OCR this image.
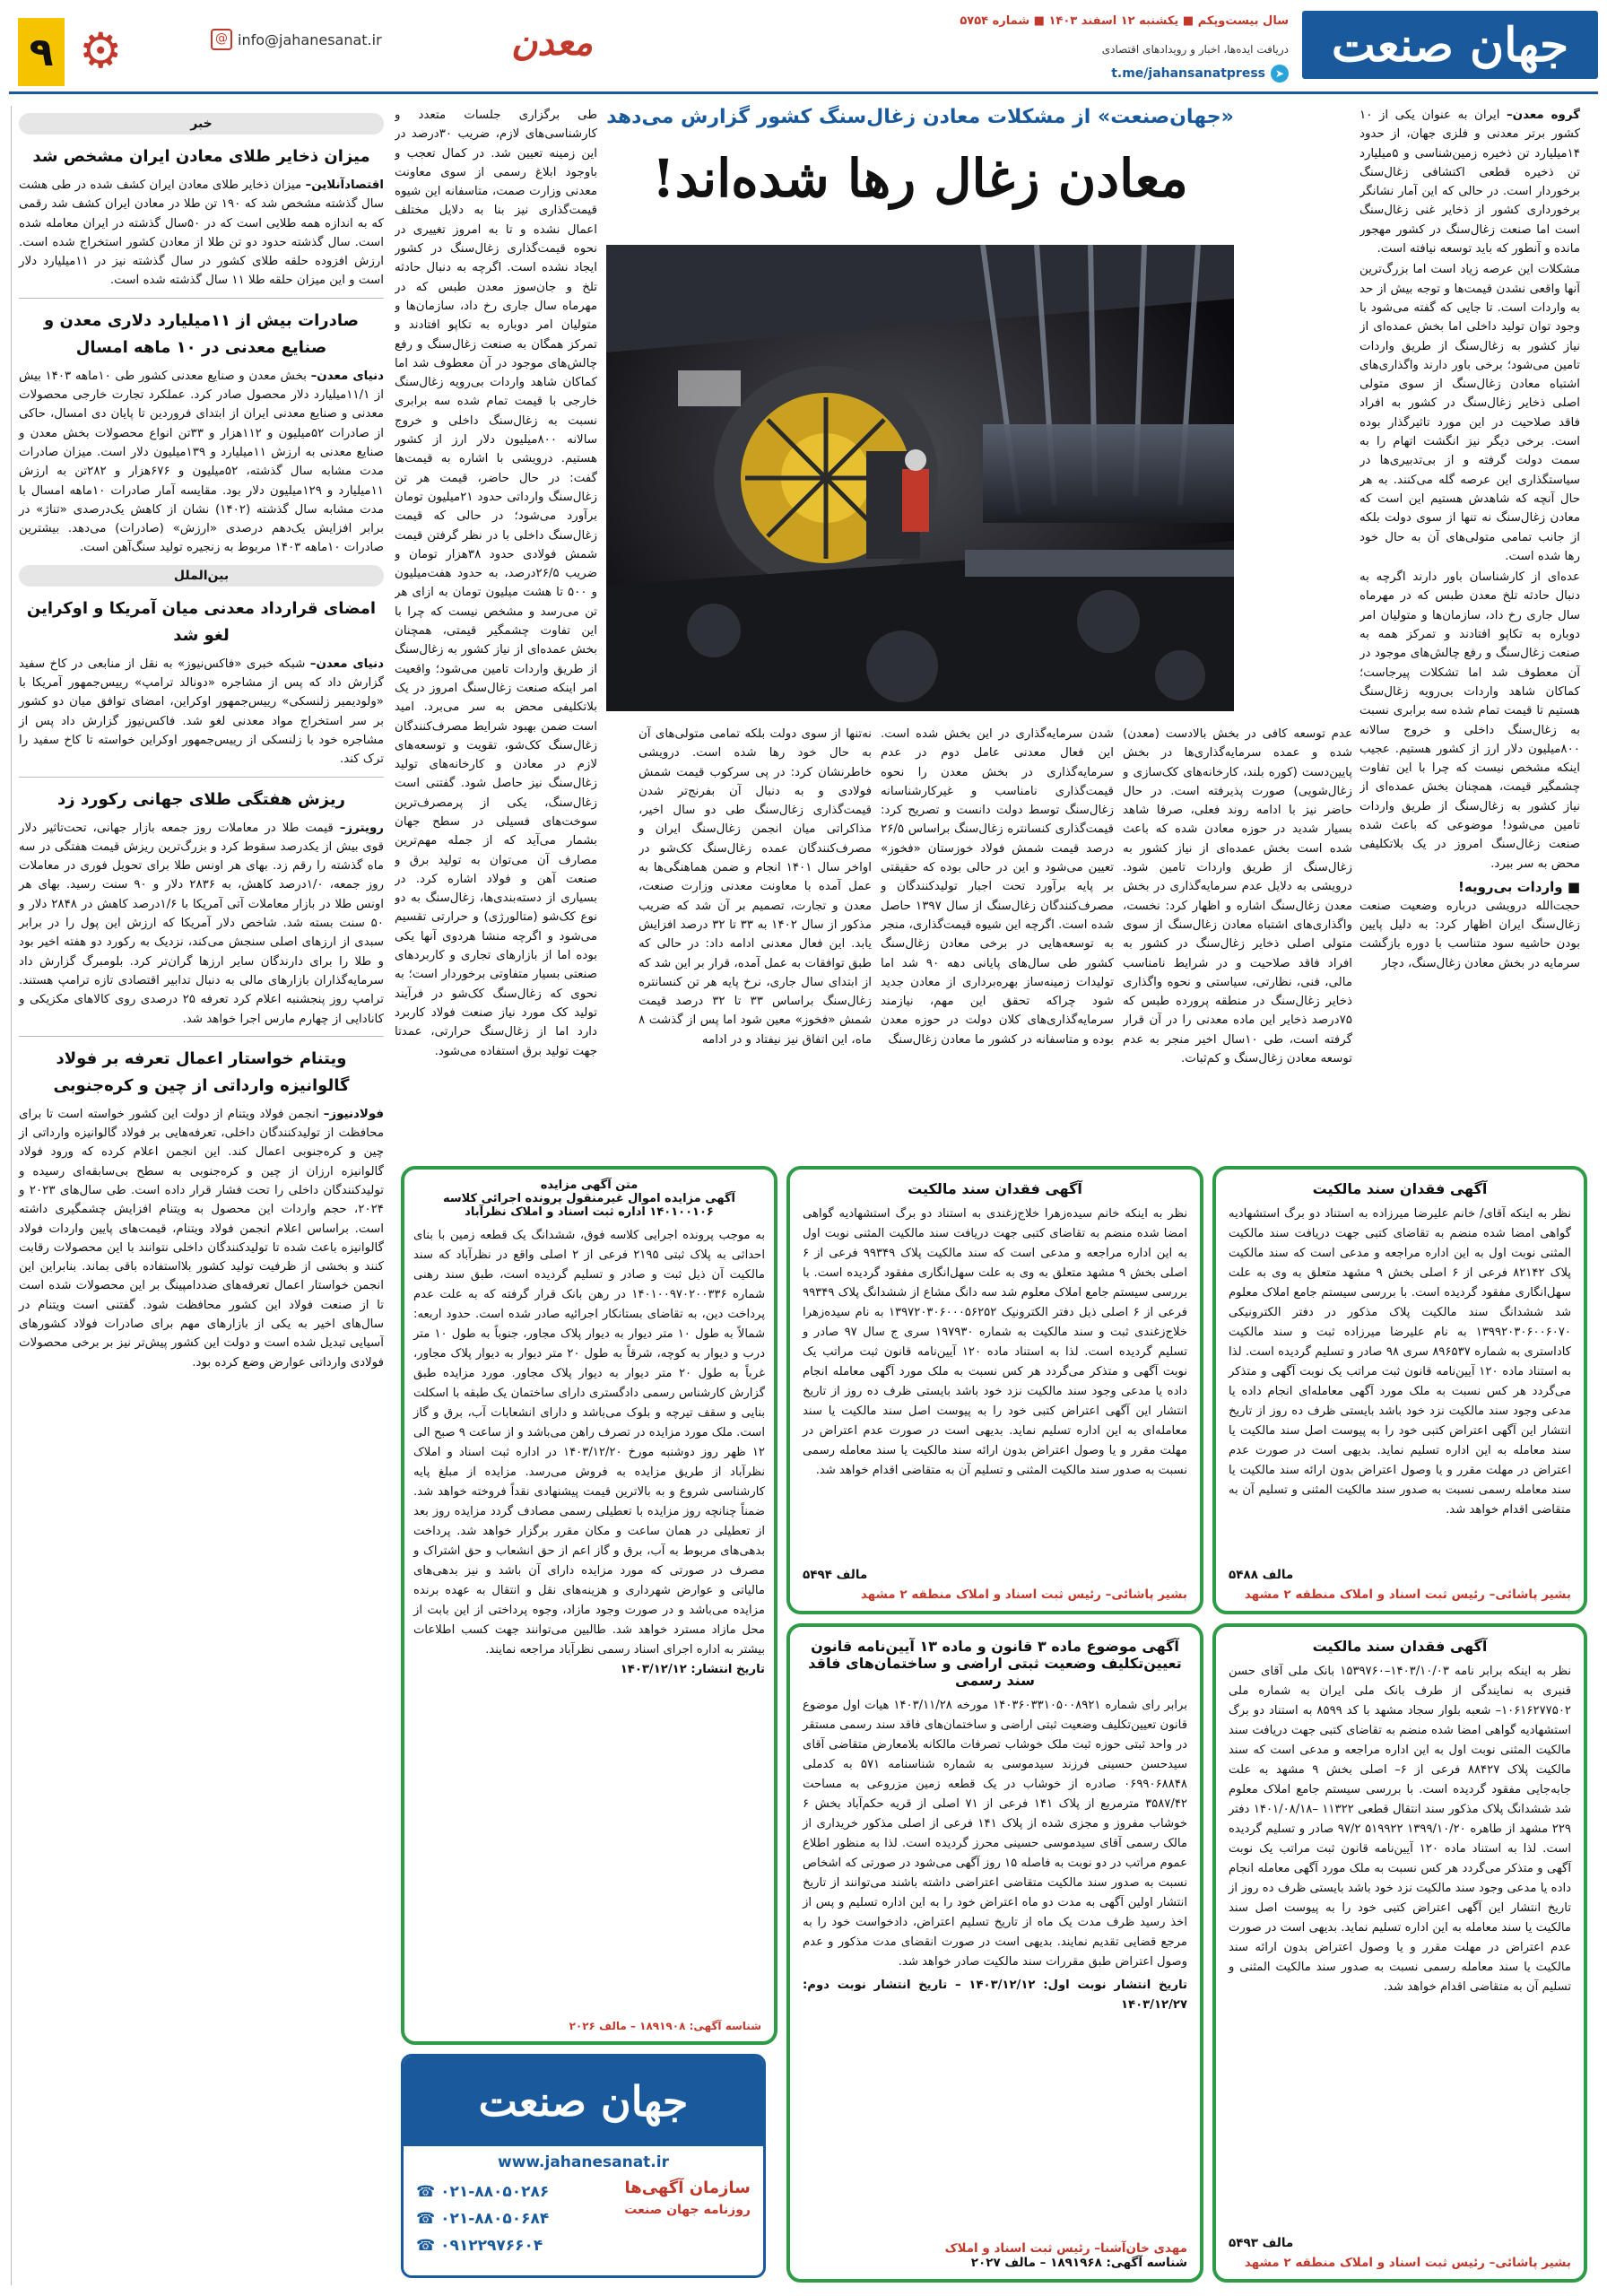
جهان صنعت
سال بیست‌وپکم ■ یکشنبه ۱۲ اسفند ۱۴۰۳ ■ شماره ۵۷۵۴
دریافت ایده‌ها، اخبار و رویدادهای اقتصادی
➤
t.me/jahansanatpress
معدن
info@jahanesanat.ir
@
⚙
۹
«جهان‌صنعت» از مشکلات معادن زغال‌سنگ کشور گزارش می‌دهد
معادن زغال رها شده‌اند!

گروه معدن– ایران به عنوان یکی از ۱۰ کشور برتر معدنی و فلزی جهان، از حدود ۱۴میلیارد تن ذخیره زمین‌شناسی و ۵میلیارد تن ذخیره قطعی اکتشافی زغال‌سنگ برخوردار است. در حالی که این آمار نشانگر برخورداری کشور از ذخایر غنی زغال‌سنگ است اما صنعت زغال‌سنگ در کشور مهجور مانده و آنطور که باید توسعه نیافته است.

مشکلات این عرصه زیاد است اما بزرگ‌ترین آنها واقعی نشدن قیمت‌ها و توجه بیش از حد به واردات است. تا جایی که گفته می‌شود با وجود توان تولید داخلی اما بخش عمده‌ای از نیاز کشور به زغال‌سنگ از طریق واردات تامین می‌شود؛ برخی باور دارند واگذاری‌های اشتباه معادن زغال‌سنگ از سوی متولی اصلی ذخایر زغال‌سنگ در کشور به افراد فاقد صلاحیت در این مورد تاثیرگذار بوده است. برخی دیگر نیز انگشت اتهام را به سمت دولت گرفته و از بی‌تدبیری‌ها در سیاستگذاری این عرصه گله می‌کنند. به هر حال آنچه که شاهدش هستیم این است که معادن زغال‌سنگ نه تنها از سوی دولت بلکه از جانب تمامی متولی‌های آن به حال خود رها شده است.

عده‌ای از کارشناسان باور دارند اگرچه به دنبال حادثه تلخ معدن طبس که در مهرماه سال جاری رخ داد، سازمان‌ها و متولیان امر دوباره به تکاپو افتادند و تمرکز همه به صنعت زغال‌سنگ و رفع چالش‌های موجود در آن معطوف شد اما تشکلات پیرجاست؛ کماکان شاهد واردات بی‌رویه زغال‌سنگ هستیم تا قیمت تمام شده سه برابری نسبت به زغال‌سنگ داخلی و خروج سالانه ۸۰۰میلیون دلار ارز از کشور هستیم. عجیب اینکه مشخص نیست که چرا با این تفاوت چشمگیر قیمت، همچنان بخش عمده‌ای از نیاز کشور به زغال‌سنگ از طریق واردات تامین می‌شود! موضوعی که باعث شده صنعت زغال‌سنگ امروز در یک بلاتکلیفی محض به سر ببرد.

■ واردات بی‌رویه!

حجت‌الله درویشی درباره وضعیت صنعت زغال‌سنگ ایران اظهار کرد: به دلیل پایین بودن حاشیه سود متناسب با دوره بازگشت سرمایه در بخش معادن زغال‌سنگ، دچار

عدم توسعه کافی در بخش بالادست (معدن) شده و عمده سرمایه‌گذاری‌ها در بخش پایین‌دست (کوره بلند، کارخانه‌های کک‌سازی و زغال‌شویی) صورت پذیرفته است. در حال حاضر نیز با ادامه روند فعلی، صرفا شاهد بسیار شدید در حوزه معادن شده که باعث شده است بخش عمده‌ای از نیاز کشور به زغال‌سنگ از طریق واردات تامین شود. درویشی به دلایل عدم سرمایه‌گذاری در بخش معدن زغال‌سنگ اشاره و اظهار کرد: نخست، واگذاری‌های اشتباه معادن زغال‌سنگ از سوی متولی اصلی ذخایر زغال‌سنگ در کشور به افراد فاقد صلاحیت و در شرایط نامناسب مالی، فنی، نظارتی، سیاستی و نحوه واگذاری ذخایر زغال‌سنگ در منطقه پرورده طبس که ۷۵درصد ذخایر این ماده معدنی را در آن قرار گرفته است، طی ۱۰سال اخیر منجر به عدم توسعه معادن زغال‌سنگ و کم‌ثبات.

شدن سرمایه‌گذاری در این بخش شده است. این فعال معدنی عامل دوم در عدم سرمایه‌گذاری در بخش معدن را نحوه قیمت‌گذاری نامناسب و غیرکارشناسانه زغال‌سنگ توسط دولت دانست و تصریح کرد: قیمت‌گذاری کنسانتره زغال‌سنگ براساس ۲۶/۵ درصد قیمت شمش فولاد خوزستان «فخوز» تعیین می‌شود و این در حالی بوده که حقیقتی بر پایه برآورد تحت اجبار تولیدکنندگان و مصرف‌کنندگان زغال‌سنگ از سال ۱۳۹۷ حاصل شده است. اگرچه این شیوه قیمت‌گذاری، منجر به توسعه‌هایی در برخی معادن زغال‌سنگ کشور طی سال‌های پایانی دهه ۹۰ شد اما تولیدات زمینه‌ساز بهره‌برداری از معادن جدید شود چراکه تحقق این مهم، نیازمند سرمایه‌گذاری‌های کلان دولت در حوزه معدن بوده و متاسفانه در کشور ما معادن زغال‌سنگ

نه‌تنها از سوی دولت بلکه تمامی متولی‌های آن به حال خود رها شده است. درویشی خاطرنشان کرد: در پی سرکوب قیمت شمش فولادی و به دنبال آن بفرنج‌تر شدن قیمت‌گذاری زغال‌سنگ طی دو سال اخیر، مذاکراتی میان انجمن زغال‌سنگ ایران و مصرف‌کنندگان عمده زغال‌سنگ کک‌شو در اواخر سال ۱۴۰۱ انجام و ضمن هماهنگی‌ها به عمل آمده با معاونت معدنی وزارت صنعت، معدن و تجارت، تصمیم بر آن شد که ضریب مذکور از سال ۱۴۰۲ به ۳۳ تا ۳۲ درصد افزایش یابد. این فعال معدنی ادامه داد: در حالی که طبق توافقات به عمل آمده، قرار بر این شد که از ابتدای سال جاری، نرخ پایه هر تن کنسانتره زغال‌سنگ براساس ۳۳ تا ۳۲ درصد قیمت شمش «فخوز» معین شود اما پس از گذشت ۸ ماه، این اتفاق نیز نیفتاد و در ادامه

طی برگزاری جلسات متعدد و کارشناسی‌های لازم، ضریب ۳۰درصد در این زمینه تعیین شد. در کمال تعجب و باوجود ابلاغ رسمی از سوی معاونت معدنی وزارت صمت، متاسفانه این شیوه قیمت‌گذاری نیز بنا به دلایل مختلف اعمال نشده و تا به امروز تغییری در نحوه قیمت‌گذاری زغال‌سنگ در کشور ایجاد نشده است. اگرچه به دنبال حادثه تلخ و جان‌سوز معدن طبس که در مهرماه سال جاری رخ داد، سازمان‌ها و متولیان امر دوباره به تکاپو افتادند و تمرکز همگان به صنعت زغال‌سنگ و رفع چالش‌های موجود در آن معطوف شد اما کماکان شاهد واردات بی‌رویه زغال‌سنگ خارجی با قیمت تمام شده سه برابری نسبت به زغال‌سنگ داخلی و خروج سالانه ۸۰۰میلیون دلار ارز از کشور هستیم. درویشی با اشاره به قیمت‌ها گفت: در حال حاضر، قیمت هر تن زغال‌سنگ وارداتی حدود ۲۱میلیون تومان برآورد می‌شود؛ در حالی که قیمت زغال‌سنگ داخلی با در نظر گرفتن قیمت شمش فولادی حدود ۳۸هزار تومان و ضریب ۲۶/۵درصد، به حدود هفت‌میلیون و ۵۰۰ تا هشت میلیون تومان به ازای هر تن می‌رسد و مشخص نیست که چرا با این تفاوت چشمگیر قیمتی، همچنان بخش عمده‌ای از نیاز کشور به زغال‌سنگ از طریق واردات تامین می‌شود؛ واقعیت امر اینکه صنعت زغال‌سنگ امروز در یک بلاتکلیفی محض به سر می‌برد. امید است ضمن بهبود شرایط مصرف‌کنندگان زغال‌سنگ کک‌شو، تقویت و توسعه‌های لازم در معادن و کارخانه‌های تولید زغال‌سنگ نیز حاصل شود. گفتنی است زغال‌سنگ، یکی از پرمصرف‌ترین سوخت‌های فسیلی در سطح جهان بشمار می‌آید که از جمله مهم‌ترین مصارف آن می‌توان به تولید برق و صنعت آهن و فولاد اشاره کرد. در بسیاری از دسته‌بندی‌ها، زغال‌سنگ به دو نوع کک‌شو (متالورژی) و حرارتی تقسیم می‌شود و اگرچه منشا هردوی آنها یکی بوده اما از بازارهای تجاری و کاربردهای صنعتی بسیار متفاوتی برخوردار است؛ به نحوی که زغال‌سنگ کک‌شو در فرآیند تولید کک مورد نیاز صنعت فولاد کاربرد دارد اما از زغال‌سنگ حرارتی، عمدتا جهت تولید برق استفاده می‌شود.

خبر
میزان ذخایر طلای معادن ایران مشخص شد

اقتصادآنلاین– میزان ذخایر طلای معادن ایران کشف شده در طی هشت سال گذشته مشخص شد که ۱۹۰ تن طلا در معادن ایران کشف شد رقمی که به اندازه همه طلایی است که در ۵۰سال گذشته در ایران معامله شده است. سال گذشته حدود دو تن طلا از معادن کشور استخراج شده است. ارزش افزوده حلقه طلای کشور در سال گذشته نیز در ۱۱میلیارد دلار است و این میزان حلقه طلا ۱۱ سال گذشته شده است.

صادرات بیش از ۱۱میلیارد دلاری معدن و صنایع معدنی در ۱۰ ماهه امسال

دنیای معدن– بخش معدن و صنایع معدنی کشور طی ۱۰ماهه ۱۴۰۳ بیش از ۱۱/۱میلیارد دلار محصول صادر کرد. عملکرد تجارت خارجی محصولات معدنی و صنایع معدنی ایران از ابتدای فروردین تا پایان دی امسال، حاکی از صادرات ۵۲میلیون و ۱۱۲هزار و ۳۳تن انواع محصولات بخش معدن و صنایع معدنی به ارزش ۱۱میلیارد و ۱۳۹میلیون دلار است. میزان صادرات مدت مشابه سال گذشته، ۵۲میلیون و ۶۷۶هزار و ۲۸۲تن به ارزش ۱۱میلیارد و ۱۲۹میلیون دلار بود. مقایسه آمار صادرات ۱۰ماهه امسال با مدت مشابه سال گذشته (۱۴۰۲) نشان از کاهش یک‌درصدی «تناژ» در برابر افزایش یک‌دهم درصدی «ارزش» (صادرات) می‌دهد. بیشترین صادرات ۱۰ماهه ۱۴۰۳ مربوط به زنجیره تولید سنگ‌آهن است.

بین‌الملل
امضای قرارداد معدنی میان آمریکا و اوکراین لغو شد

دنیای معدن– شبکه خبری «فاکس‌نیوز» به نقل از منابعی در کاخ سفید گزارش داد که پس از مشاجره «دونالد ترامپ» رییس‌جمهور آمریکا با «ولودیمیر زلنسکی» رییس‌جمهور اوکراین، امضای توافق میان دو کشور بر سر استخراج مواد معدنی لغو شد. فاکس‌نیوز گزارش داد پس از مشاجره خود با زلنسکی از رییس‌جمهور اوکراین خواسته تا کاخ سفید را ترک کند.

ریزش هفتگی طلای جهانی رکورد زد

رویترز– قیمت طلا در معاملات روز جمعه بازار جهانی، تحت‌تاثیر دلار قوی بیش از یکدرصد سقوط کرد و بزرگ‌ترین ریزش قیمت هفتگی در سه ماه گذشته را رقم زد. بهای هر اونس طلا برای تحویل فوری در معاملات روز جمعه، ۱/۰درصد کاهش، به ۲۸۳۶ دلار و ۹۰ سنت رسید. بهای هر اونس طلا در بازار معاملات آتی آمریکا با ۱/۶درصد کاهش در ۲۸۴۸ دلار و ۵۰ سنت بسته شد. شاخص دلار آمریکا که ارزش این پول را در برابر سبدی از ارزهای اصلی سنجش می‌کند، نزدیک به رکورد دو هفته اخیر بود و طلا را برای دارندگان سایر ارزها گران‌تر کرد. بلومبرگ گزارش داد سرمایه‌گذاران بازارهای مالی به دنبال تدابیر اقتصادی تازه ترامپ هستند. ترامپ روز پنجشنبه اعلام کرد تعرفه ۲۵ درصدی روی کالاهای مکزیکی و کانادایی از چهارم مارس اجرا خواهد شد.

ویتنام خواستار اعمال تعرفه بر فولاد گالوانیزه وارداتی از چین و کره‌جنوبی

فولادنیوز– انجمن فولاد ویتنام از دولت این کشور خواسته است تا برای محافظت از تولیدکنندگان داخلی، تعرفه‌هایی بر فولاد گالوانیزه وارداتی از چین و کره‌جنوبی اعمال کند. این انجمن اعلام کرده که ورود فولاد گالوانیزه ارزان از چین و کره‌جنوبی به سطح بی‌سابقه‌ای رسیده و تولیدکنندگان داخلی را تحت فشار قرار داده است. طی سال‌های ۲۰۲۳ و ۲۰۲۴، حجم واردات این محصول به ویتنام افزایش چشمگیری داشته است. براساس اعلام انجمن فولاد ویتنام، قیمت‌های پایین واردات فولاد گالوانیزه باعث شده تا تولیدکنندگان داخلی نتوانند با این محصولات رقابت کنند و بخشی از ظرفیت تولید کشور بلااستفاده باقی بماند. بنابراین این انجمن خواستار اعمال تعرفه‌های ضددامپینگ بر این محصولات شده است تا از صنعت فولاد این کشور محافظت شود. گفتنی است ویتنام در سال‌های اخیر به یکی از بازارهای مهم برای صادرات فولاد کشورهای آسیایی تبدیل شده است و دولت این کشور پیش‌تر نیز بر برخی محصولات فولادی وارداتی عوارض وضع کرده بود.

آگهی فقدان سند مالکیت

نظر به اینکه آقای/ خانم علیرضا میرزاده به استناد دو برگ استشهادیه گواهی امضا شده منضم به تقاضای کتبی جهت دریافت سند مالکیت المثنی نوبت اول به این اداره مراجعه و مدعی است که سند مالکیت پلاک ۸۲۱۴۲ فرعی از ۶ اصلی بخش ۹ مشهد متعلق به وی به علت سهل‌انگاری مفقود گردیده است. با بررسی سیستم جامع املاک معلوم شد ششدانگ سند مالکیت پلاک مذکور در دفتر الکترونیکی ۱۳۹۹۲۰۳۰۶۰۰۶۰۷۰ به نام علیرضا میرزاده ثبت و سند مالکیت کاداستری به شماره ۸۹۶۵۳۷ سری ۹۸ صادر و تسلیم گردیده است. لذا به استناد ماده ۱۲۰ آیین‌نامه قانون ثبت مراتب یک نوبت آگهی و متذکر می‌گردد هر کس نسبت به ملک مورد آگهی معامله‌ای انجام داده یا مدعی وجود سند مالکیت نزد خود باشد بایستی ظرف ده روز از تاریخ انتشار این آگهی اعتراض کتبی خود را به پیوست اصل سند مالکیت یا سند معامله به این اداره تسلیم نماید. بدیهی است در صورت عدم اعتراض در مهلت مقرر و یا وصول اعتراض بدون ارائه سند مالکیت یا سند معامله رسمی نسبت به صدور سند مالکیت المثنی و تسلیم آن به متقاضی اقدام خواهد شد.

مالف ۵۴۸۸
بشیر پاشائی– رئیس ثبت اسناد و املاک منطقه ۲ مشهد
آگهی فقدان سند مالکیت

نظر به اینکه خانم سیده‌زهرا خلاج‌زغندی به استناد دو برگ استشهادیه گواهی امضا شده منضم به تقاضای کتبی جهت دریافت سند مالکیت المثنی نوبت اول به این اداره مراجعه و مدعی است که سند مالکیت پلاک ۹۹۳۴۹ فرعی از ۶ اصلی بخش ۹ مشهد متعلق به وی به علت سهل‌انگاری مفقود گردیده است. با بررسی سیستم جامع املاک معلوم شد سه دانگ مشاع از ششدانگ پلاک ۹۹۳۴۹ فرعی از ۶ اصلی ذیل دفتر الکترونیک ۱۳۹۷۲۰۳۰۶۰۰۰۵۶۲۵۲ به نام سیده‌زهرا خلاج‌زغندی ثبت و سند مالکیت به شماره ۱۹۷۹۳۰ سری ج سال ۹۷ صادر و تسلیم گردیده است. لذا به استناد ماده ۱۲۰ آیین‌نامه قانون ثبت مراتب یک نوبت آگهی و متذکر می‌گردد هر کس نسبت به ملک مورد آگهی معامله انجام داده یا مدعی وجود سند مالکیت نزد خود باشد بایستی ظرف ده روز از تاریخ انتشار این آگهی اعتراض کتبی خود را به پیوست اصل سند مالکیت یا سند معامله‌ای به این اداره تسلیم نماید. بدیهی است در صورت عدم اعتراض در مهلت مقرر و یا وصول اعتراض بدون ارائه سند مالکیت یا سند معامله رسمی نسبت به صدور سند مالکیت المثنی و تسلیم آن به متقاضی اقدام خواهد شد.

مالف ۵۴۹۴
بشیر پاشائی– رئیس ثبت اسناد و املاک منطقه ۲ مشهد
آگهی فقدان سند مالکیت

نظر به اینکه برابر نامه ۱۴۰۳/۱۰/۰۳–۱۵۳۹۷۶۰ بانک ملی آقای حسن قنبری به نمایندگی از طرف بانک ملی ایران به شماره ملی ۱۰۶۱۶۲۷۷۵۰۲– شعبه بلوار سجاد مشهد با کد ۸۵۹۹ به استناد دو برگ استشهادیه گواهی امضا شده منضم به تقاضای کتبی جهت دریافت سند مالکیت المثنی نوبت اول به این اداره مراجعه و مدعی است که سند مالکیت پلاک ۸۸۴۲۷ فرعی از ۶– اصلی بخش ۹ مشهد به علت جابه‌جایی مفقود گردیده است. با بررسی سیستم جامع املاک معلوم شد ششدانگ پلاک مذکور سند انتقال قطعی ۱۱۳۲۲ –۱۴۰۱/۰۸/۱۸ دفتر ۲۲۹ مشهد از طاهره ۱۳۹۹/۱۰/۲۰ ۵۱۹۹۲۲ ۹۷/۲ صادر و تسلیم گردیده است. لذا به استناد ماده ۱۲۰ آیین‌نامه قانون ثبت مراتب یک نوبت آگهی و متذکر می‌گردد هر کس نسبت به ملک مورد آگهی معامله انجام داده یا مدعی وجود سند مالکیت نزد خود باشد بایستی ظرف ده روز از تاریخ انتشار این آگهی اعتراض کتبی خود را به پیوست اصل سند مالکیت یا سند معامله به این اداره تسلیم نماید. بدیهی است در صورت عدم اعتراض در مهلت مقرر و یا وصول اعتراض بدون ارائه سند مالکیت یا سند معامله رسمی نسبت به صدور سند مالکیت المثنی و تسلیم آن به متقاضی اقدام خواهد شد.

مالف ۵۴۹۳
بشیر پاشائی– رئیس ثبت اسناد و املاک منطقه ۲ مشهد
آگهی موضوع ماده ۳ قانون و ماده ۱۳ آیین‌نامه قانون تعیین‌تکلیف وضعیت ثبتی اراضی و ساختمان‌های فاقد سند رسمی

برابر رای شماره ۱۴۰۳۶۰۳۳۱۰۵۰۰۸۹۲۱ مورخه ۱۴۰۳/۱۱/۲۸ هیات اول موضوع قانون تعیین‌تکلیف وضعیت ثبتی اراضی و ساختمان‌های فاقد سند رسمی مستقر در واحد ثبتی حوزه ثبت ملک خوشاب تصرفات مالکانه بلامعارض متقاضی آقای سیدحسن حسینی فرزند سیدموسی به شماره شناسنامه ۵۷۱ به کدملی ۰۶۹۹۰۶۸۸۴۸ صادره از خوشاب در یک قطعه زمین مزروعی به مساحت ۳۵۸۷/۴۲ مترمربع از پلاک ۱۴۱ فرعی از ۷۱ اصلی از قریه حکم‌آباد بخش ۶ خوشاب مفروز و مجزی شده از پلاک ۱۴۱ فرعی از اصلی مذکور خریداری از مالک رسمی آقای سیدموسی حسینی محرز گردیده است. لذا به منظور اطلاع عموم مراتب در دو نوبت به فاصله ۱۵ روز آگهی می‌شود در صورتی که اشخاص نسبت به صدور سند مالکیت متقاضی اعتراضی داشته باشند می‌توانند از تاریخ انتشار اولین آگهی به مدت دو ماه اعتراض خود را به این اداره تسلیم و پس از اخذ رسید ظرف مدت یک ماه از تاریخ تسلیم اعتراض، دادخواست خود را به مرجع قضایی تقدیم نمایند. بدیهی است در صورت انقضای مدت مذکور و عدم وصول اعتراض طبق مقررات سند مالکیت صادر خواهد شد.

تاریخ انتشار نوبت اول: ۱۴۰۳/۱۲/۱۲ – تاریخ انتشار نوبت دوم: ۱۴۰۳/۱۲/۲۷

مهدی خان‌آشنا– رئیس ثبت اسناد و املاک
شناسه آگهی: ۱۸۹۱۹۶۸ – مالف ۲۰۲۷
متن آگهی مزایده
آگهی مزایده اموال غیرمنقول پرونده اجرائی کلاسه ۱۴۰۱۰۰۱۰۶ اداره ثبت اسناد و املاک نظرآباد

به موجب پرونده اجرایی کلاسه فوق، ششدانگ یک قطعه زمین با بنای احداثی به پلاک ثبتی ۲۱۹۵ فرعی از ۲ اصلی واقع در نظرآباد که سند مالکیت آن ذیل ثبت و صادر و تسلیم گردیده است، طبق سند رهنی شماره ۱۴۰۱۰۰۹۷۰۲۰۰۳۳۶ در رهن بانک قرار گرفته که به علت عدم پرداخت دین، به تقاضای بستانکار اجرائیه صادر شده است. حدود اربعه: شمالاً به طول ۱۰ متر دیوار به دیوار پلاک مجاور، جنوباً به طول ۱۰ متر درب و دیوار به کوچه، شرقاً به طول ۲۰ متر دیوار به دیوار پلاک مجاور، غرباً به طول ۲۰ متر دیوار به دیوار پلاک مجاور. مورد مزایده طبق گزارش کارشناس رسمی دادگستری دارای ساختمان یک طبقه با اسکلت بنایی و سقف تیرچه و بلوک می‌باشد و دارای انشعابات آب، برق و گاز است. ملک مورد مزایده در تصرف راهن می‌باشد و از ساعت ۹ صبح الی ۱۲ ظهر روز دوشنبه مورخ ۱۴۰۳/۱۲/۲۰ در اداره ثبت اسناد و املاک نظرآباد از طریق مزایده به فروش می‌رسد. مزایده از مبلغ پایه کارشناسی شروع و به بالاترین قیمت پیشنهادی نقداً فروخته خواهد شد. ضمناً چنانچه روز مزایده با تعطیلی رسمی مصادف گردد مزایده روز بعد از تعطیلی در همان ساعت و مکان مقرر برگزار خواهد شد. پرداخت بدهی‌های مربوط به آب، برق و گاز اعم از حق انشعاب و حق اشتراک و مصرف در صورتی که مورد مزایده دارای آن باشد و نیز بدهی‌های مالیاتی و عوارض شهرداری و هزینه‌های نقل و انتقال به عهده برنده مزایده می‌باشد و در صورت وجود مازاد، وجوه پرداختی از این بابت از محل مازاد مسترد خواهد شد. طالبین می‌توانند جهت کسب اطلاعات بیشتر به اداره اجرای اسناد رسمی نظرآباد مراجعه نمایند.

تاریخ انتشار: ۱۴۰۳/۱۲/۱۲

شناسه آگهی: ۱۸۹۱۹۰۸ – مالف ۲۰۲۶
جهان صنعت
www.jahanesanat.ir
سازمان آگهی‌ها
روزنامه جهان صنعت
☎ ۰۲۱-۸۸۰۵۰۲۸۶
☎ ۰۲۱-۸۸۰۵۰۶۸۴
☎ ۰۹۱۲۲۹۷۶۶۰۴
